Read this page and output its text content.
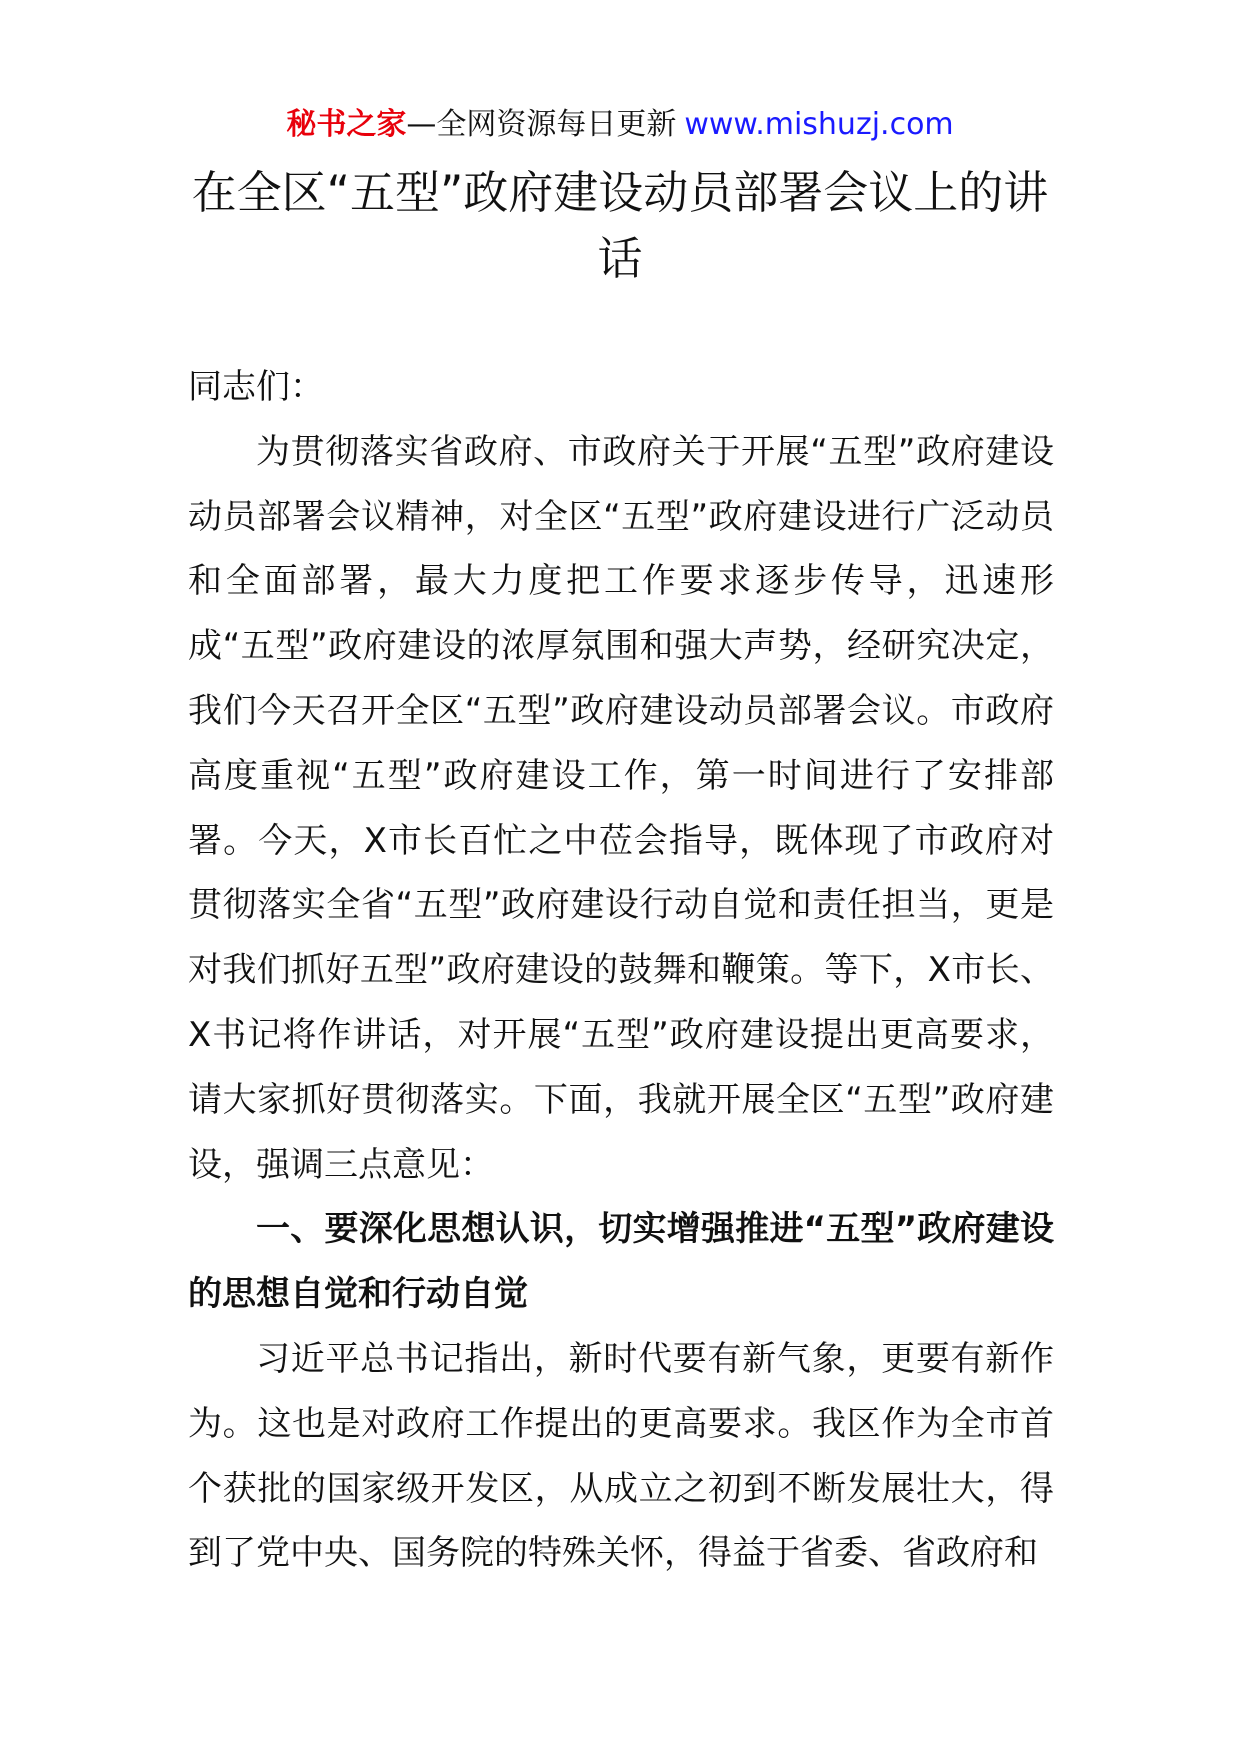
秘书之家—全网资源每日更新 www.mishuzj.com
在全区“五型”政府建设动员部署会议上的讲话

同志们：

为贯彻落实省政府、市政府关于开展“五型”政府建设动员部署会议精神，对全区“五型”政府建设进行广泛动员和全面部署，最大力度把工作要求逐步传导，迅速形成“五型”政府建设的浓厚氛围和强大声势，经研究决定，我们今天召开全区“五型”政府建设动员部署会议。市政府高度重视“五型”政府建设工作，第一时间进行了安排部署。今天，X市长百忙之中莅会指导，既体现了市政府对贯彻落实全省“五型”政府建设行动自觉和责任担当，更是对我们抓好五型”政府建设的鼓舞和鞭策。等下，X市长、X书记将作讲话，对开展“五型”政府建设提出更高要求，请大家抓好贯彻落实。下面，我就开展全区“五型”政府建设，强调三点意见：

一、要深化思想认识，切实增强推进“五型”政府建设的思想自觉和行动自觉

习近平总书记指出，新时代要有新气象，更要有新作为。这也是对政府工作提出的更高要求。我区作为全市首个获批的国家级开发区，从成立之初到不断发展壮大，得到了党中央、国务院的特殊关怀，得益于省委、省政府和
